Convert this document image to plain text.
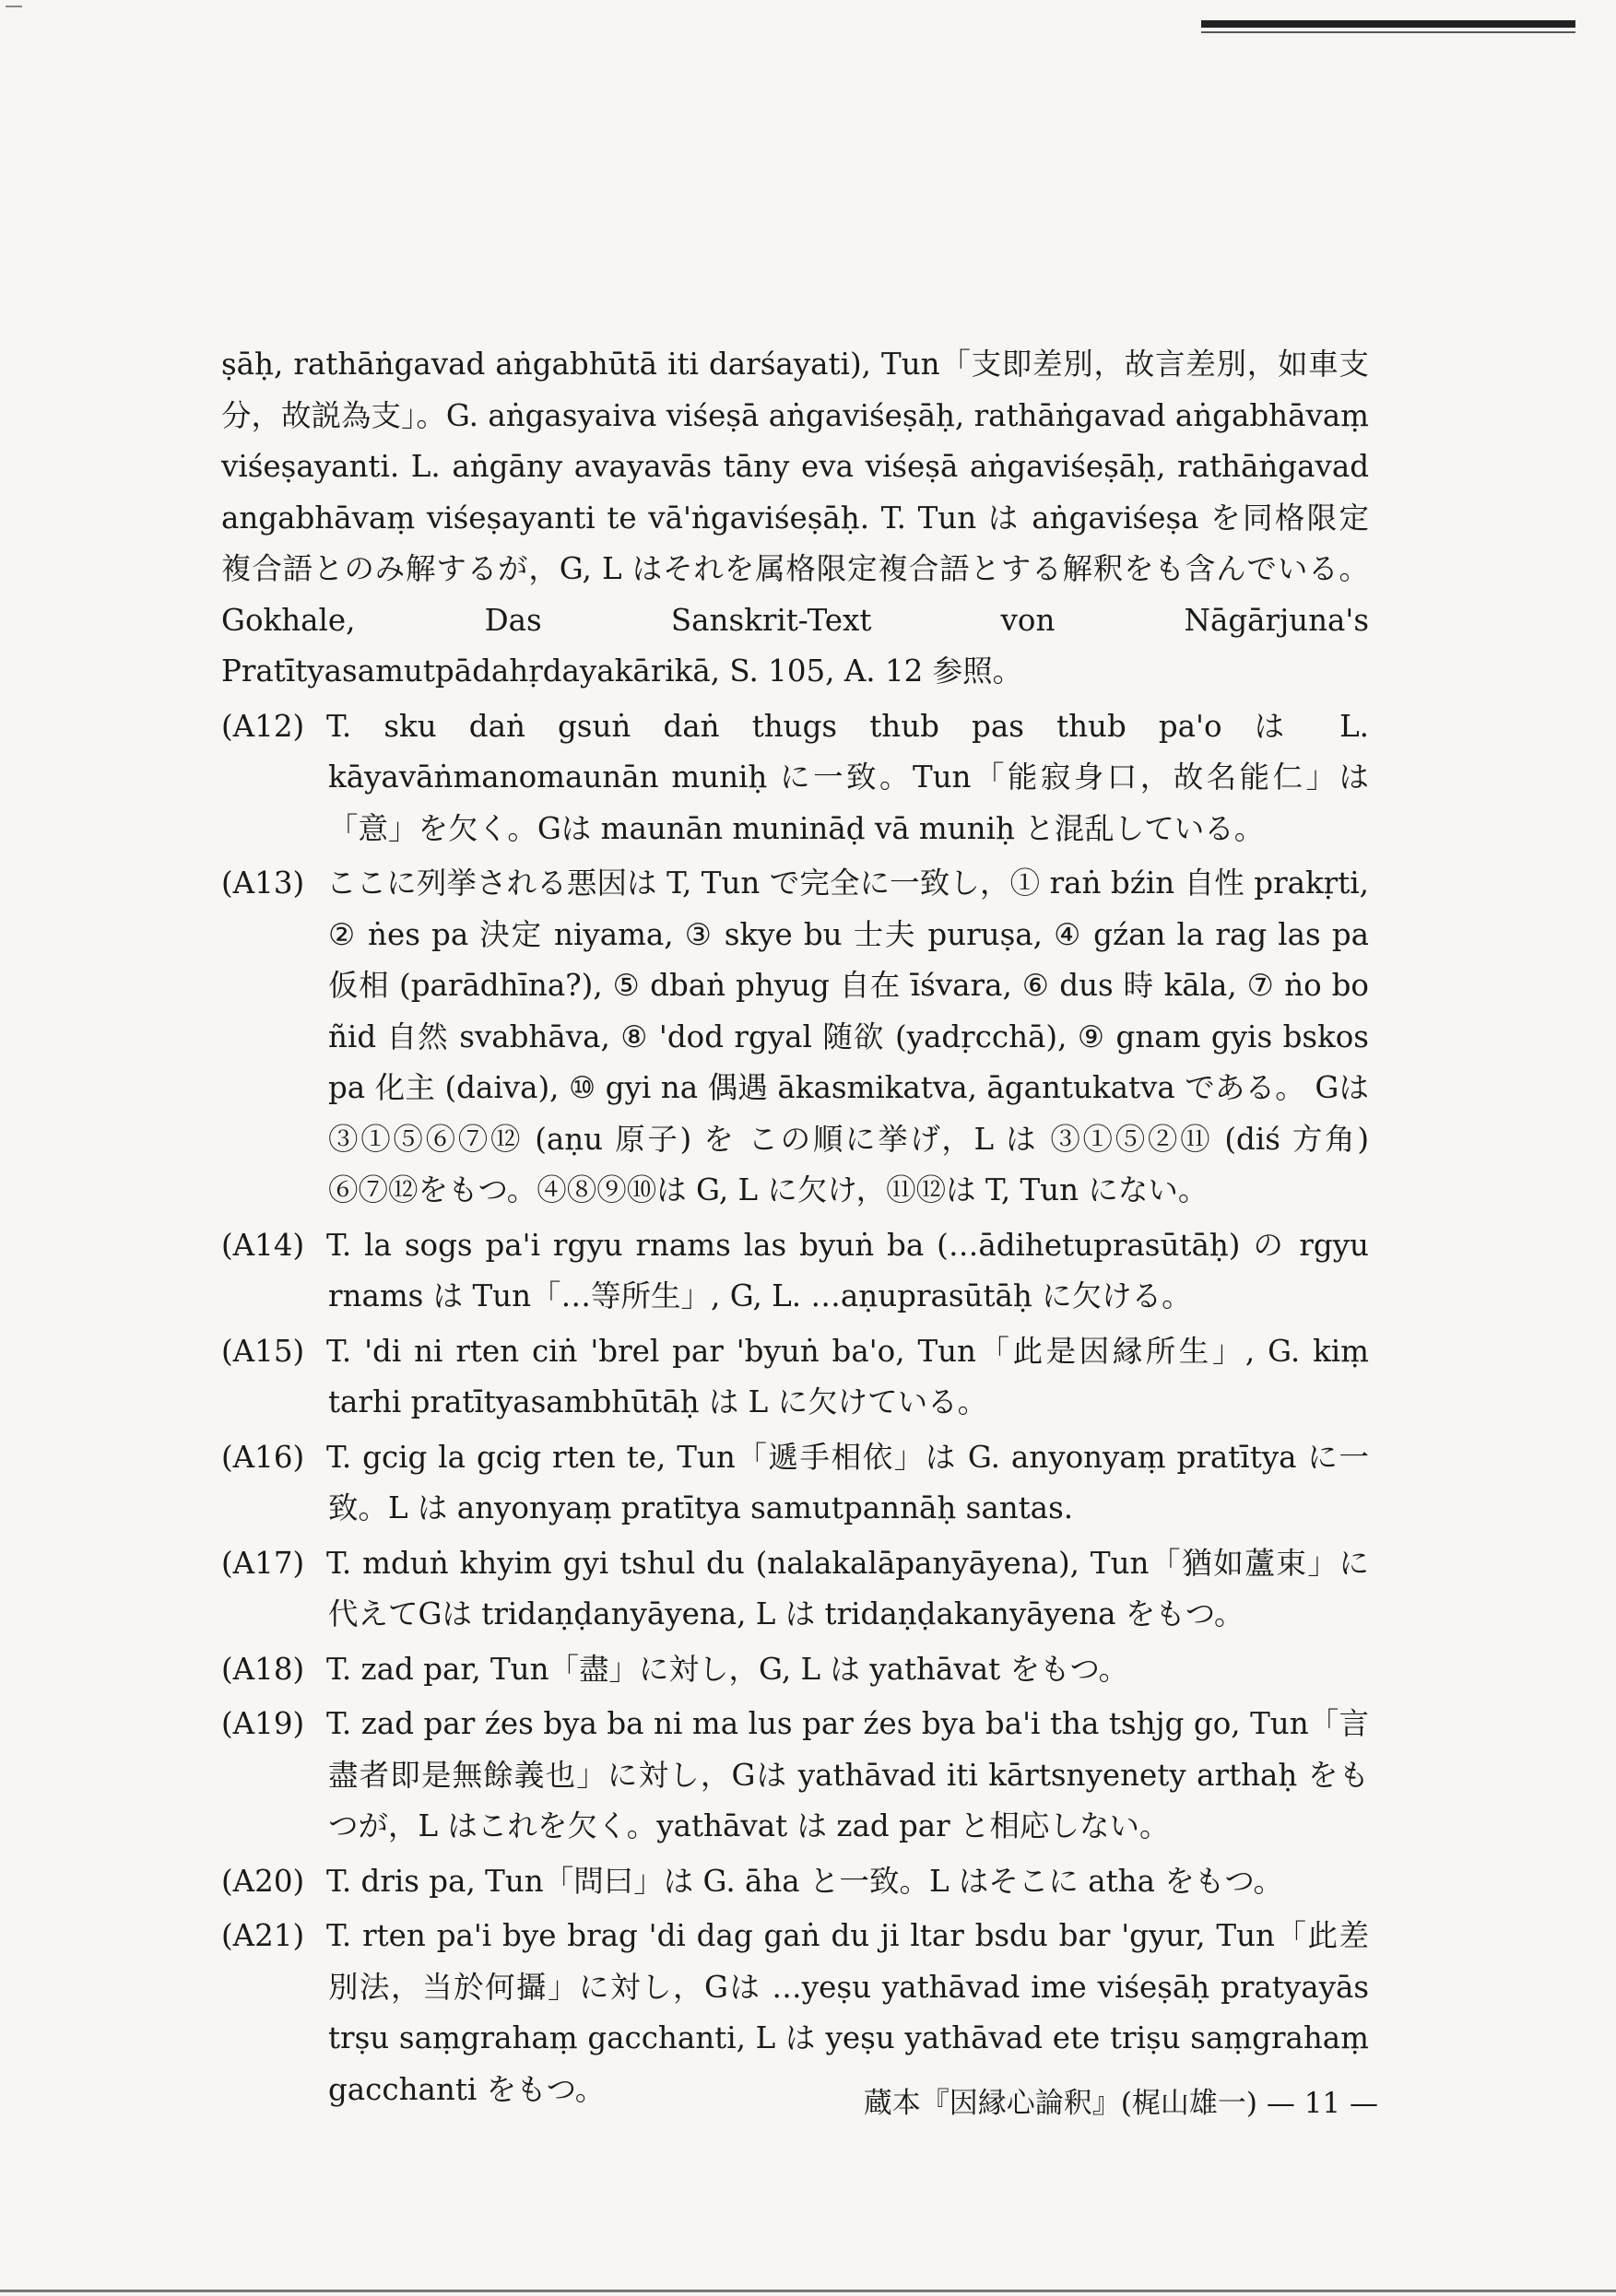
ṣāḥ, rathāṅgavad aṅgabhūtā iti darśayati), Tun「支即差別，故言差別，如車支分，故説為支」。G. aṅgasyaiva viśeṣā aṅgaviśeṣāḥ, rathāṅgavad aṅgabhāvaṃ viśeṣayanti. L. aṅgāny avayavās tāny eva viśeṣā aṅgaviśeṣāḥ, rathāṅgavad angabhāvaṃ viśeṣayanti te vā'ṅgaviśeṣāḥ. T. Tun は aṅgaviśeṣa を同格限定複合語とのみ解するが，G, L はそれを属格限定複合語とする解釈をも含んでいる。Gokhale, Das Sanskrit-Text von Nāgārjuna's Pratītyasamutpādahṛdayakārikā, S. 105, A. 12 参照。

(A12) T. sku daṅ gsuṅ daṅ thugs thub pas thub pa'o は L. kāyavāṅmanomaunān muniḥ に一致。Tun「能寂身口，故名能仁」は「意」を欠く。Gは maunān munināḍ vā muniḥ と混乱している。
(A13) ここに列挙される悪因は T, Tun で完全に一致し，① raṅ bźin 自性 prakṛti, ② ṅes pa 決定 niyama, ③ skye bu 士夫 puruṣa, ④ gźan la rag las pa 仮相 (parādhīna?), ⑤ dbaṅ phyug 自在 īśvara, ⑥ dus 時 kāla, ⑦ ṅo bo ñid 自然 svabhāva, ⑧ 'dod rgyal 随欲 (yadṛcchā), ⑨ gnam gyis bskos pa 化主 (daiva), ⑩ gyi na 偶遇 ākasmikatva, āgantukatva である。 Gは ③①⑤⑥⑦⑫ (aṇu 原子) を この順に挙げ，L は ③①⑤②⑪ (diś 方角) ⑥⑦⑫をもつ。④⑧⑨⑩は G, L に欠け，⑪⑫は T, Tun にない。
(A14) T. la sogs pa'i rgyu rnams las byuṅ ba (…ādihetuprasūtāḥ) の rgyu rnams は Tun「…等所生」, G, L. …aṇuprasūtāḥ に欠ける。
(A15) T. 'di ni rten ciṅ 'brel par 'byuṅ ba'o, Tun「此是因縁所生」, G. kiṃ tarhi pratītyasambhūtāḥ は L に欠けている。
(A16) T. gcig la gcig rten te, Tun「遞手相依」は G. anyonyaṃ pratītya に一致。L は anyonyaṃ pratītya samutpannāḥ santas.
(A17) T. mduṅ khyim gyi tshul du (nalakalāpanyāyena), Tun「猶如蘆束」に代えてGは tridaṇḍanyāyena, L は tridaṇḍakanyāyena をもつ。
(A18) T. zad par, Tun「盡」に対し，G, L は yathāvat をもつ。
(A19) T. zad par źes bya ba ni ma lus par źes bya ba'i tha tshjg go, Tun「言盡者即是無餘義也」に対し，Gは yathāvad iti kārtsnyenety arthaḥ をもつが，L はこれを欠く。yathāvat は zad par と相応しない。
(A20) T. dris pa, Tun「問曰」は G. āha と一致。L はそこに atha をもつ。
(A21) T. rten pa'i bye brag 'di dag gaṅ du ji ltar bsdu bar 'gyur, Tun「此差別法，当於何攝」に対し，Gは …yeṣu yathāvad ime viśeṣāḥ pratyayās trṣu saṃgrahaṃ gacchanti, L は yeṣu yathāvad ete triṣu saṃgrahaṃ gacchanti をもつ。	蔵本『因縁心論釈』(梶山雄一) — 11 —
